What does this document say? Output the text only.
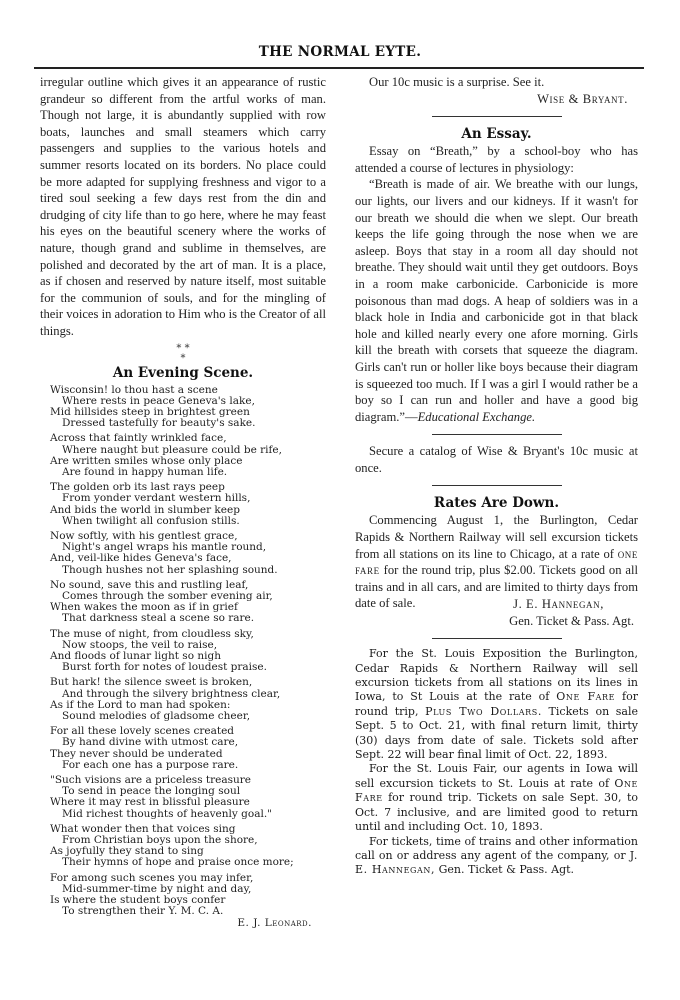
THE NORMAL EYTE.

irregular outline which gives it an appearance of rustic grandeur so different from the artful works of man. Though not large, it is abundantly supplied with row boats, launches and small steamers which carry passengers and supplies to the various hotels and summer resorts located on its borders. No place could be more adapted for supplying freshness and vigor to a tired soul seeking a few days rest from the din and drudging of city life than to go here, where he may feast his eyes on the beautiful scenery where the works of nature, though grand and sublime in themselves, are polished and decorated by the art of man. It is a place, as if chosen and reserved by nature itself, most suitable for the communion of souls, and for the mingling of their voices in adoration to Him who is the Creator of all things.

* *
*
An Evening Scene.
Wisconsin! lo thou hast a scene
Where rests in peace Geneva's lake,
Mid hillsides steep in brightest green
Dressed tastefully for beauty's sake.
Across that faintly wrinkled face,
Where naught but pleasure could be rife,
Are written smiles whose only place
Are found in happy human life.
The golden orb its last rays peep
From yonder verdant western hills,
And bids the world in slumber keep
When twilight all confusion stills.
Now softly, with his gentlest grace,
Night's angel wraps his mantle round,
And, veil-like hides Geneva's face,
Though hushes not her splashing sound.
No sound, save this and rustling leaf,
Comes through the somber evening air,
When wakes the moon as if in grief
That darkness steal a scene so rare.
The muse of night, from cloudless sky,
Now stoops, the veil to raise,
And floods of lunar light so nigh
Burst forth for notes of loudest praise.
But hark! the silence sweet is broken,
And through the silvery brightness clear,
As if the Lord to man had spoken:
Sound melodies of gladsome cheer,
For all these lovely scenes created
By hand divine with utmost care,
They never should be underated
For each one has a purpose rare.
"Such visions are a priceless treasure
To send in peace the longing soul
Where it may rest in blissful pleasure
Mid richest thoughts of heavenly goal."
What wonder then that voices sing
From Christian boys upon the shore,
As joyfully they stand to sing
Their hymns of hope and praise once more;
For among such scenes you may infer,
Mid-summer-time by night and day,
Is where the student boys confer
To strengthen their Y. M. C. A.
E. J. Leonard.

Our 10c music is a surprise. See it.

Wise & Bryant.
An Essay.

Essay on “Breath,” by a school-boy who has attended a course of lectures in physiology:

“Breath is made of air. We breathe with our lungs, our lights, our livers and our kidneys. If it wasn't for our breath we should die when we slept. Our breath keeps the life going through the nose when we are asleep. Boys that stay in a room all day should not breathe. They should wait until they get outdoors. Boys in a room make carbonicide. Carbonicide is more poisonous than mad dogs. A heap of soldiers was in a black hole in India and carbonicide got in that black hole and killed nearly every one afore morning. Girls kill the breath with corsets that squeeze the diagram. Girls can't run or holler like boys because their diagram is squeezed too much. If I was a girl I would rather be a boy so I can run and holler and have a good big diagram.”—Educational Exchange.

Secure a catalog of Wise & Bryant's 10c music at once.

Rates Are Down.

Commencing August 1, the Burlington, Cedar Rapids & Northern Railway will sell excursion tickets from all stations on its line to Chicago, at a rate of one fare for the round trip, plus $2.00. Tickets good on all trains and in all cars, and are limited to thirty days from date of sale.	J. E. Hannegan,
Gen. Ticket & Pass. Agt.

For the St. Louis Exposition the Burlington, Cedar Rapids & Northern Railway will sell excursion tickets from all stations on its lines in Iowa, to St Louis at the rate of One Fare for round trip, Plus Two Dollars. Tickets on sale Sept. 5 to Oct. 21, with final return limit, thirty (30) days from date of sale. Tickets sold after Sept. 22 will bear final limit of Oct. 22, 1893.

For the St. Louis Fair, our agents in Iowa will sell excursion tickets to St. Louis at rate of One Fare for round trip. Tickets on sale Sept. 30, to Oct. 7 inclusive, and are limited good to return until and including Oct. 10, 1893.

For tickets, time of trains and other information call on or address any agent of the company, or J. E. Hannegan, Gen. Ticket & Pass. Agt.
